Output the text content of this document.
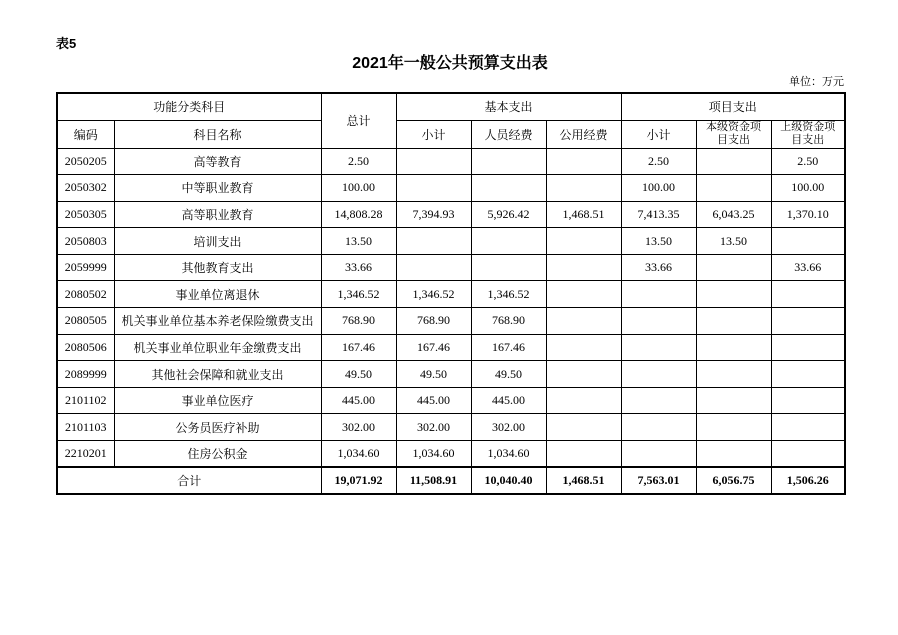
表5
2021年一般公共预算支出表
单位：万元
功能分类科目		总计	基本支出			项目支出		
编码	科目名称		小计	人员经费	公用经费	小计	本级资金项目支出	上级资金项目支出
2050205	高等教育	2.50				2.50		2.50
2050302	中等职业教育	100.00				100.00		100.00
2050305	高等职业教育	14,808.28	7,394.93	5,926.42	1,468.51	7,413.35	6,043.25	1,370.10
2050803	培训支出	13.50				13.50	13.50	
2059999	其他教育支出	33.66				33.66		33.66
2080502	事业单位离退休	1,346.52	1,346.52	1,346.52				
2080505	机关事业单位基本养老保险缴费支出	768.90	768.90	768.90				
2080506	机关事业单位职业年金缴费支出	167.46	167.46	167.46				
2089999	其他社会保障和就业支出	49.50	49.50	49.50				
2101102	事业单位医疗	445.00	445.00	445.00				
2101103	公务员医疗补助	302.00	302.00	302.00				
2210201	住房公积金	1,034.60	1,034.60	1,034.60				
合计		19,071.92	11,508.91	10,040.40	1,468.51	7,563.01	6,056.75	1,506.26
